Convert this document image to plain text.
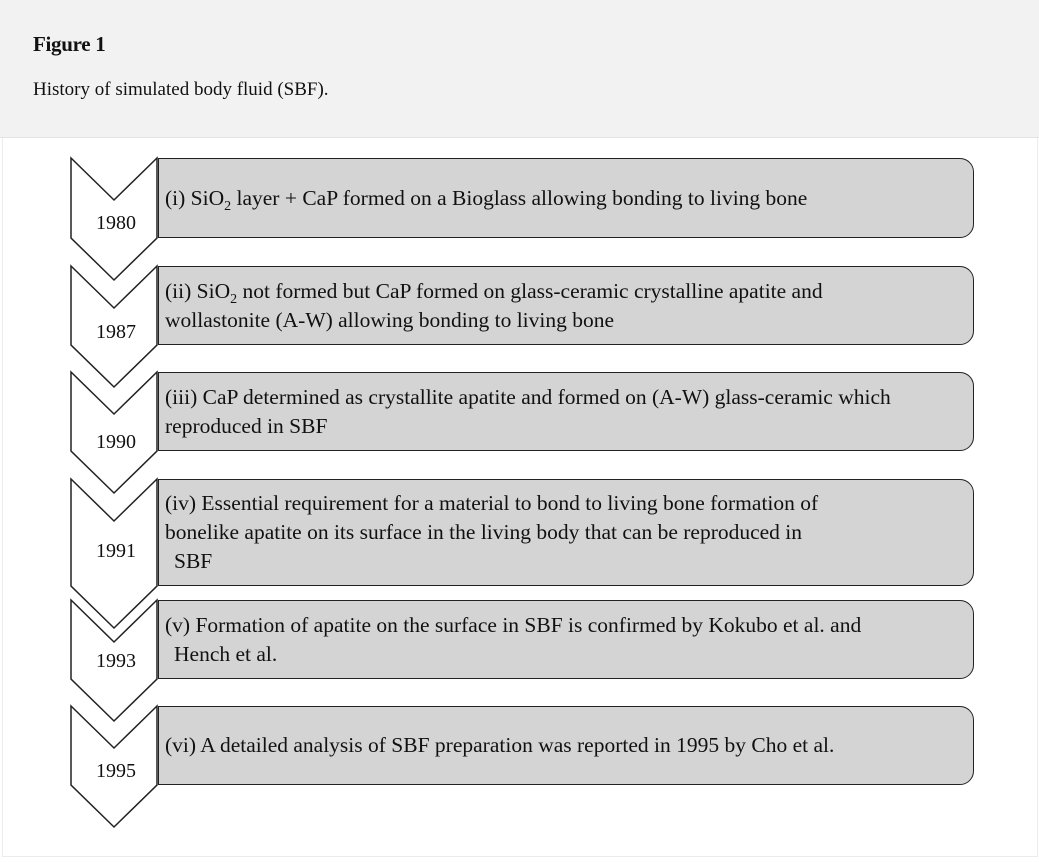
Figure 1
History of simulated body fluid (SBF).
1980
(i) SiO$_2$ layer + CaP formed on a Bioglass allowing bonding to living bone
1987
(ii) SiO$_2$ not formed but CaP formed on glass-ceramic crystalline apatite and
wollastonite (A-W) allowing bonding to living bone
1990
(iii) CaP determined as crystallite apatite and formed on (A-W) glass-ceramic which
reproduced in SBF
1991
(iv) Essential requirement for a material to bond to living bone formation of
bonelike apatite on its surface in the living body that can be reproduced in
SBF
1993
(v) Formation of apatite on the surface in SBF is confirmed by Kokubo et al. and
Hench et al.
1995
(vi) A detailed analysis of SBF preparation was reported in 1995 by Cho et al.
